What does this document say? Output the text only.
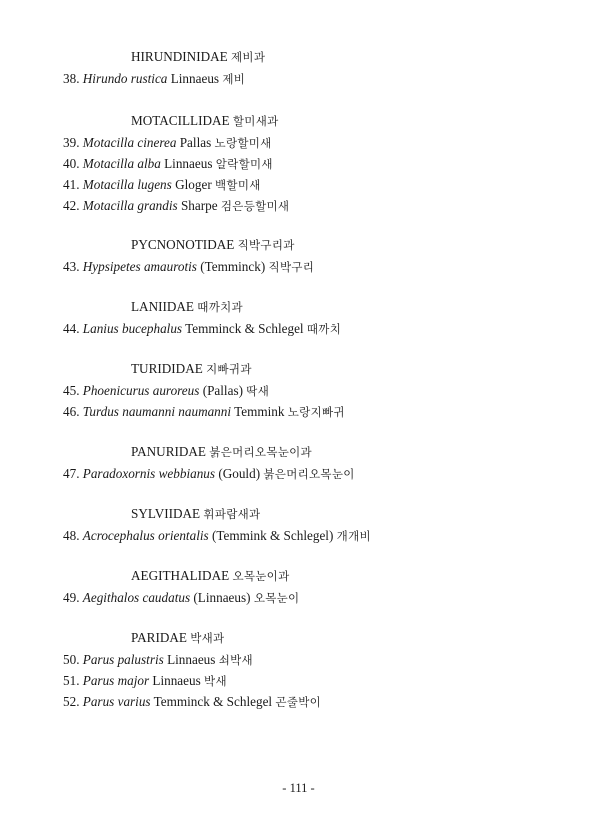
HIRUNDINIDAE 제비과
38. Hirundo rustica Linnaeus 제비
MOTACILLIDAE 할미새과
39. Motacilla cinerea Pallas 노랑할미새
40. Motacilla alba Linnaeus 알락할미새
41. Motacilla lugens Gloger 백할미새
42. Motacilla grandis Sharpe 검은등할미새
PYCNONOTIDAE 직박구리과
43. Hypsipetes amaurotis (Temminck) 직박구리
LANIIDAE 때까치과
44. Lanius bucephalus Temminck & Schlegel 때까치
TURIDIDAE 지빠귀과
45. Phoenicurus auroreus (Pallas) 딱새
46. Turdus naumanni naumanni Temmink 노랑지빠귀
PANURIDAE 붉은머리오목눈이과
47. Paradoxornis webbianus (Gould) 붉은머리오목눈이
SYLVIIDAE 휘파람새과
48. Acrocephalus orientalis (Temmink & Schlegel) 개개비
AEGITHALIDAE 오목눈이과
49. Aegithalos caudatus (Linnaeus) 오목눈이
PARIDAE 박새과
50. Parus palustris Linnaeus 쇠박새
51. Parus major Linnaeus 박새
52. Parus varius Temminck & Schlegel 곤줄박이
- 111 -
